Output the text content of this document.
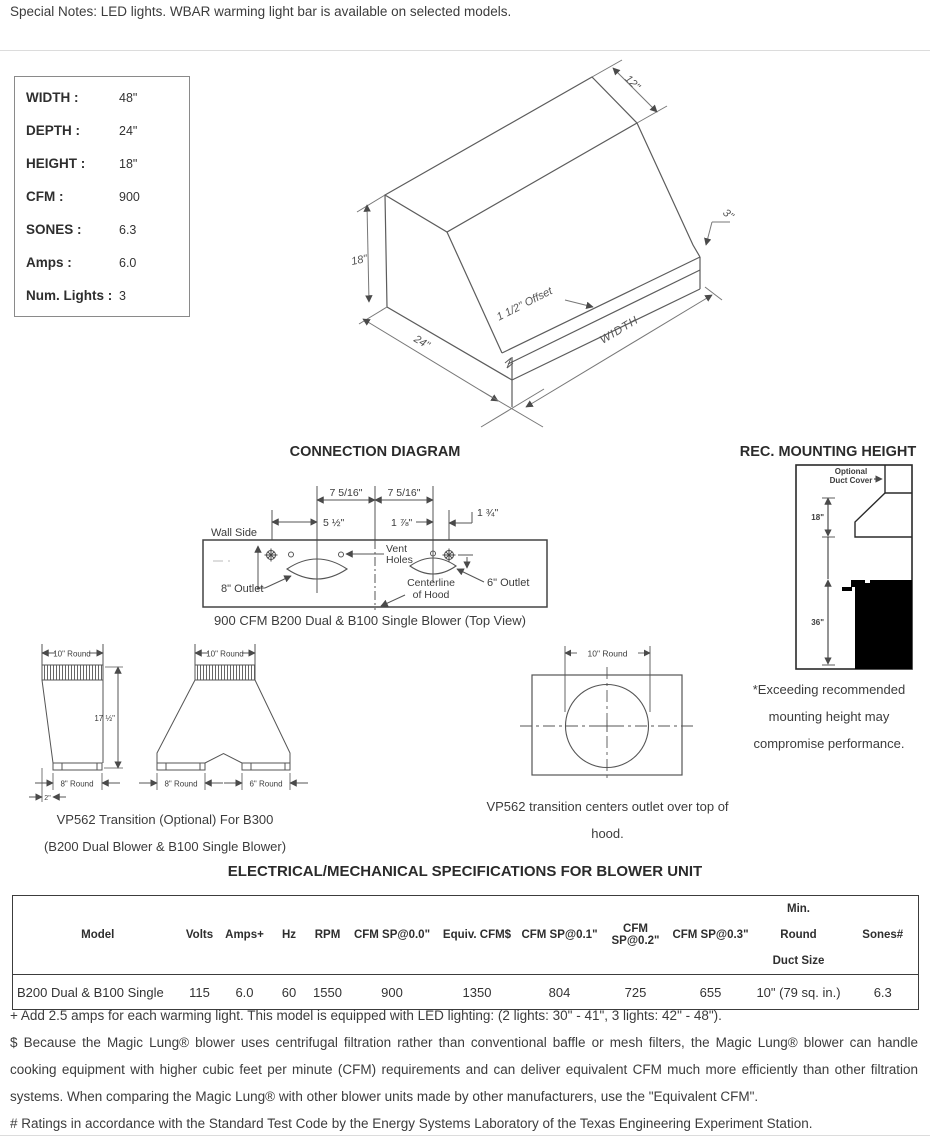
Special Notes: LED lights. WBAR warming light bar is available on selected models.
WIDTH :	48"
DEPTH :	24"
HEIGHT :	18"
CFM :	900
SONES :	6.3
Amps :	6.0
Num. Lights : 3
18"
12"
3"
1 1/2" Offset
24"	WIDTH
CONNECTION DIAGRAM
7 5/16" 7 5/16"
5 ½"	1 ⅞"
1 ¾"
Wall Side
Vent
Holes
8" Outlet	6" Outlet
Centerline
of Hood
900 CFM B200 Dual & B100 Single Blower (Top View)
REC. MOUNTING HEIGHT
Optional
Duct Cover
18"
36"
*Exceeding recommended
mounting height may
compromise performance.
10" Round	10" Round
17 ½"
8" Round
2"
8" Round	6" Round
VP562 Transition (Optional) For B300
(B200 Dual Blower & B100 Single Blower)
10" Round
VP562 transition centers outlet over top of
hood.
ELECTRICAL/MECHANICAL SPECIFICATIONS FOR BLOWER UNIT
Model	Volts	Amps+	Hz	RPM	CFM SP@0.0"	Equiv. CFM$	CFM SP@0.1"	CFM SP@0.2"	CFM SP@0.3"	Min. Round Duct Size	Sones#
B200 Dual & B100 Single	115	6.0	60	1550	900	1350	804	725	655	10" (79 sq. in.)	6.3

+ Add 2.5 amps for each warming light. This model is equipped with LED lighting: (2 lights: 30" - 41", 3 lights: 42" - 48").

$ Because the Magic Lung® blower uses centrifugal filtration rather than conventional baffle or mesh filters, the Magic Lung® blower can handle cooking equipment with higher cubic feet per minute (CFM) requirements and can deliver equivalent CFM much more efficiently than other filtration systems. When comparing the Magic Lung® with other blower units made by other manufacturers, use the "Equivalent CFM".

# Ratings in accordance with the Standard Test Code by the Energy Systems Laboratory of the Texas Engineering Experiment Station.
